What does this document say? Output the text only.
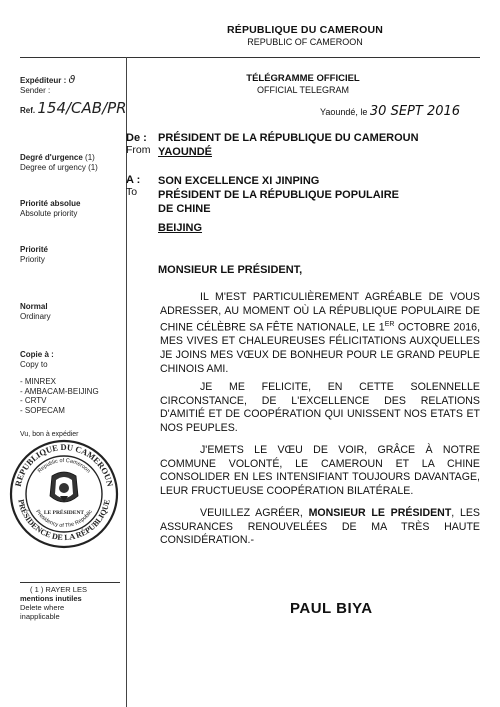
RÉPUBLIQUE DU CAMEROUN
REPUBLIC OF CAMEROON
Expéditeur : ϑ
Sender :
Ref. 154/CAB/PR
Degré d'urgence (1)
Degree of urgency (1)
Priorité absolue
Absolute priority
Priorité
Priority
Normal
Ordinary
Copie à :
Copy to
- MINREX
- AMBACAM-BEIJING
- CRTV
- SOPECAM
Vu, bon à expédier
REPUBLIQUE DU CAMEROUN
PRÉSIDENCE DE LA RÉPUBLIQUE
Republic of Cameroon
Presidency of The Republic
LE PRÉSIDENT
( 1 ) RAYER LES
mentions inutiles
Delete where
inapplicable
TÉLÉGRAMME OFFICIEL
OFFICIAL TELEGRAM
Yaoundé, le 30 SEPT 2016
De :
From
PRÉSIDENT DE LA RÉPUBLIQUE DU CAMEROUN
YAOUNDÉ
A :
To
SON EXCELLENCE XI JINPING
PRÉSIDENT DE LA RÉPUBLIQUE POPULAIRE
DE CHINE
BEIJING
MONSIEUR LE PRÉSIDENT,
IL M'EST PARTICULIÈREMENT AGRÉABLE DE VOUS ADRESSER, AU MOMENT OÙ LA RÉPUBLIQUE POPULAIRE DE CHINE CÉLÈBRE SA FÊTE NATIONALE, LE 1ER OCTOBRE 2016, MES VIVES ET CHALEUREUSES FÉLICITATIONS AUXQUELLES JE JOINS MES VŒUX DE BONHEUR POUR LE GRAND PEUPLE CHINOIS AMI.
JE ME FELICITE, EN CETTE SOLENNELLE CIRCONSTANCE, DE L'EXCELLENCE DES RELATIONS D'AMITIÉ ET DE COOPÉRATION QUI UNISSENT NOS ETATS ET NOS PEUPLES.
J'EMETS LE VŒU DE VOIR, GRÂCE À NOTRE COMMUNE VOLONTÉ, LE CAMEROUN ET LA CHINE CONSOLIDER EN LES INTENSIFIANT TOUJOURS DAVANTAGE, LEUR FRUCTUEUSE COOPÉRATION BILATÉRALE.
VEUILLEZ AGRÉER, MONSIEUR LE PRÉSIDENT, LES ASSURANCES RENOUVELÉES DE MA TRÈS HAUTE CONSIDÉRATION.-
PAUL BIYA
